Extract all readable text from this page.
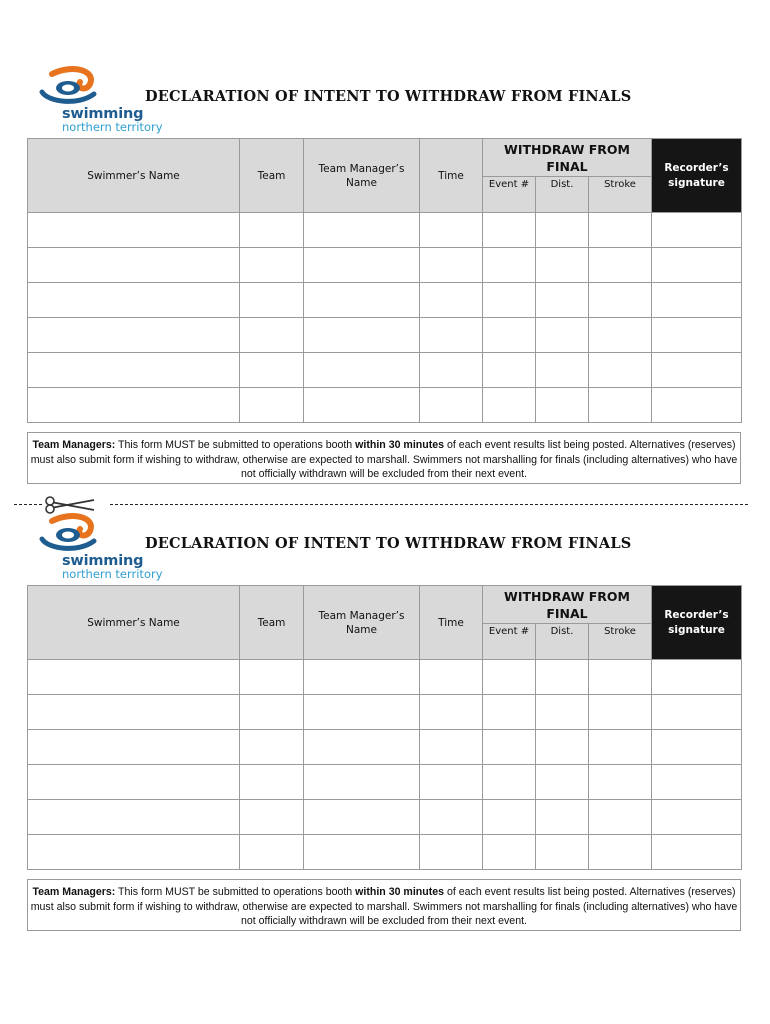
swimming
northern territory
DECLARATION OF INTENT TO WITHDRAW FROM FINALS
Swimmer’s Name	Team	Team Manager’s Name	Time	WITHDRAW FROM FINAL			Recorder’s signature
				Event #	Dist.	Stroke	

Team Managers: This form MUST be submitted to operations booth within 30 minutes of each event results list being posted. Alternatives (reserves) must also submit form if wishing to withdraw, otherwise are expected to marshall. Swimmers not marshalling for finals (including alternatives) who have not officially withdrawn will be excluded from their next event.
swimming
northern territory
DECLARATION OF INTENT TO WITHDRAW FROM FINALS
Swimmer’s Name	Team	Team Manager’s Name	Time	WITHDRAW FROM FINAL			Recorder’s signature
				Event #	Dist.	Stroke	

Team Managers: This form MUST be submitted to operations booth within 30 minutes of each event results list being posted. Alternatives (reserves) must also submit form if wishing to withdraw, otherwise are expected to marshall. Swimmers not marshalling for finals (including alternatives) who have not officially withdrawn will be excluded from their next event.
